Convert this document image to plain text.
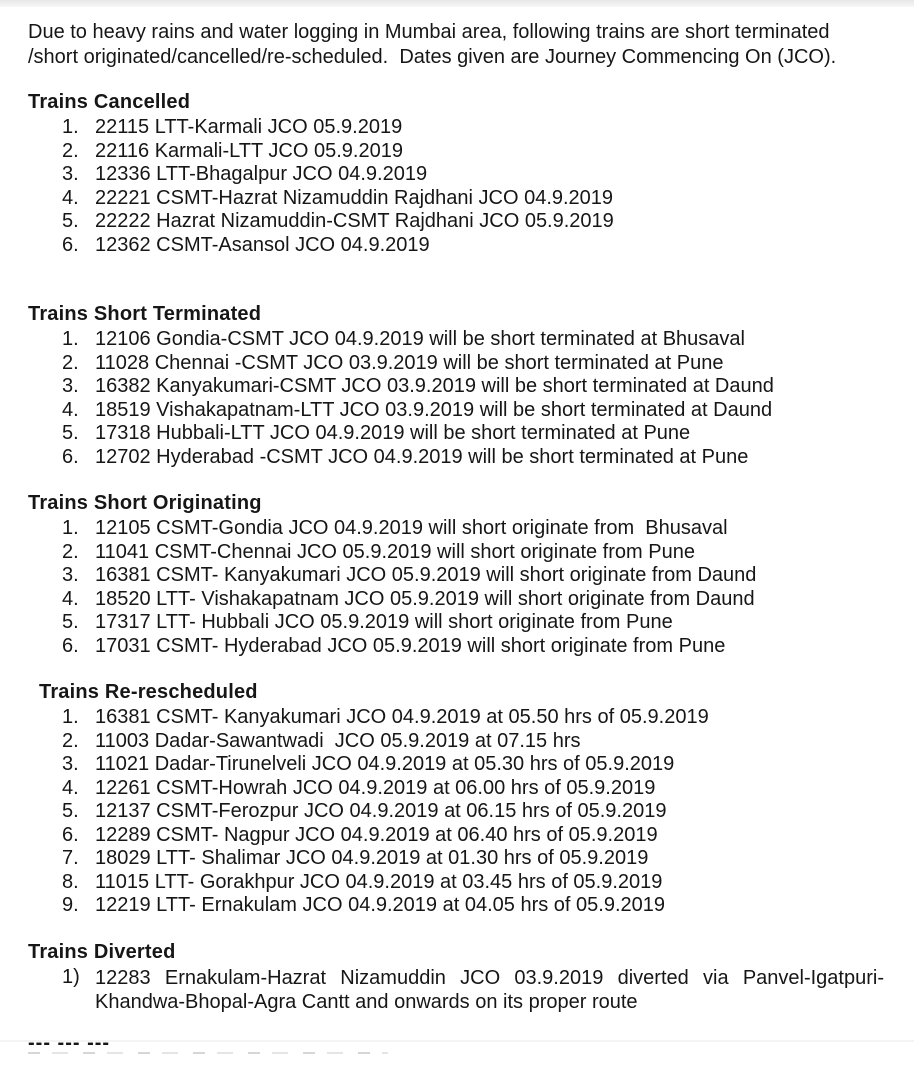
Due to heavy rains and water logging in Mumbai area, following trains are short terminated
/short originated/cancelled/re-scheduled.  Dates given are Journey Commencing On (JCO).

Trains Cancelled
1. 22115 LTT-Karmali JCO 05.9.2019
2. 22116 Karmali-LTT JCO 05.9.2019
3. 12336 LTT-Bhagalpur JCO 04.9.2019
4. 22221 CSMT-Hazrat Nizamuddin Rajdhani JCO 04.9.2019
5. 22222 Hazrat Nizamuddin-CSMT Rajdhani JCO 05.9.2019
6. 12362 CSMT-Asansol JCO 04.9.2019
Trains Short Terminated
1. 12106 Gondia-CSMT JCO 04.9.2019 will be short terminated at Bhusaval
2. 11028 Chennai -CSMT JCO 03.9.2019 will be short terminated at Pune
3. 16382 Kanyakumari-CSMT JCO 03.9.2019 will be short terminated at Daund
4. 18519 Vishakapatnam-LTT JCO 03.9.2019 will be short terminated at Daund
5. 17318 Hubbali-LTT JCO 04.9.2019 will be short terminated at Pune
6. 12702 Hyderabad -CSMT JCO 04.9.2019 will be short terminated at Pune
Trains Short Originating
1. 12105 CSMT-Gondia JCO 04.9.2019 will short originate from  Bhusaval
2. 11041 CSMT-Chennai JCO 05.9.2019 will short originate from Pune
3. 16381 CSMT- Kanyakumari JCO 05.9.2019 will short originate from Daund
4. 18520 LTT- Vishakapatnam JCO 05.9.2019 will short originate from Daund
5. 17317 LTT- Hubbali JCO 05.9.2019 will short originate from Pune
6. 17031 CSMT- Hyderabad JCO 05.9.2019 will short originate from Pune
Trains Re-rescheduled
1. 16381 CSMT- Kanyakumari JCO 04.9.2019 at 05.50 hrs of 05.9.2019
2. 11003 Dadar-Sawantwadi  JCO 05.9.2019 at 07.15 hrs
3. 11021 Dadar-Tirunelveli JCO 04.9.2019 at 05.30 hrs of 05.9.2019
4. 12261 CSMT-Howrah JCO 04.9.2019 at 06.00 hrs of 05.9.2019
5. 12137 CSMT-Ferozpur JCO 04.9.2019 at 06.15 hrs of 05.9.2019
6. 12289 CSMT- Nagpur JCO 04.9.2019 at 06.40 hrs of 05.9.2019
7. 18029 LTT- Shalimar JCO 04.9.2019 at 01.30 hrs of 05.9.2019
8. 11015 LTT- Gorakhpur JCO 04.9.2019 at 03.45 hrs of 05.9.2019
9. 12219 LTT- Ernakulam JCO 04.9.2019 at 04.05 hrs of 05.9.2019
Trains Diverted
1) 12283 Ernakulam-Hazrat Nizamuddin JCO 03.9.2019 diverted via Panvel-Igatpuri-
Khandwa-Bhopal-Agra Cantt and onwards on its proper route
--- --- ---
